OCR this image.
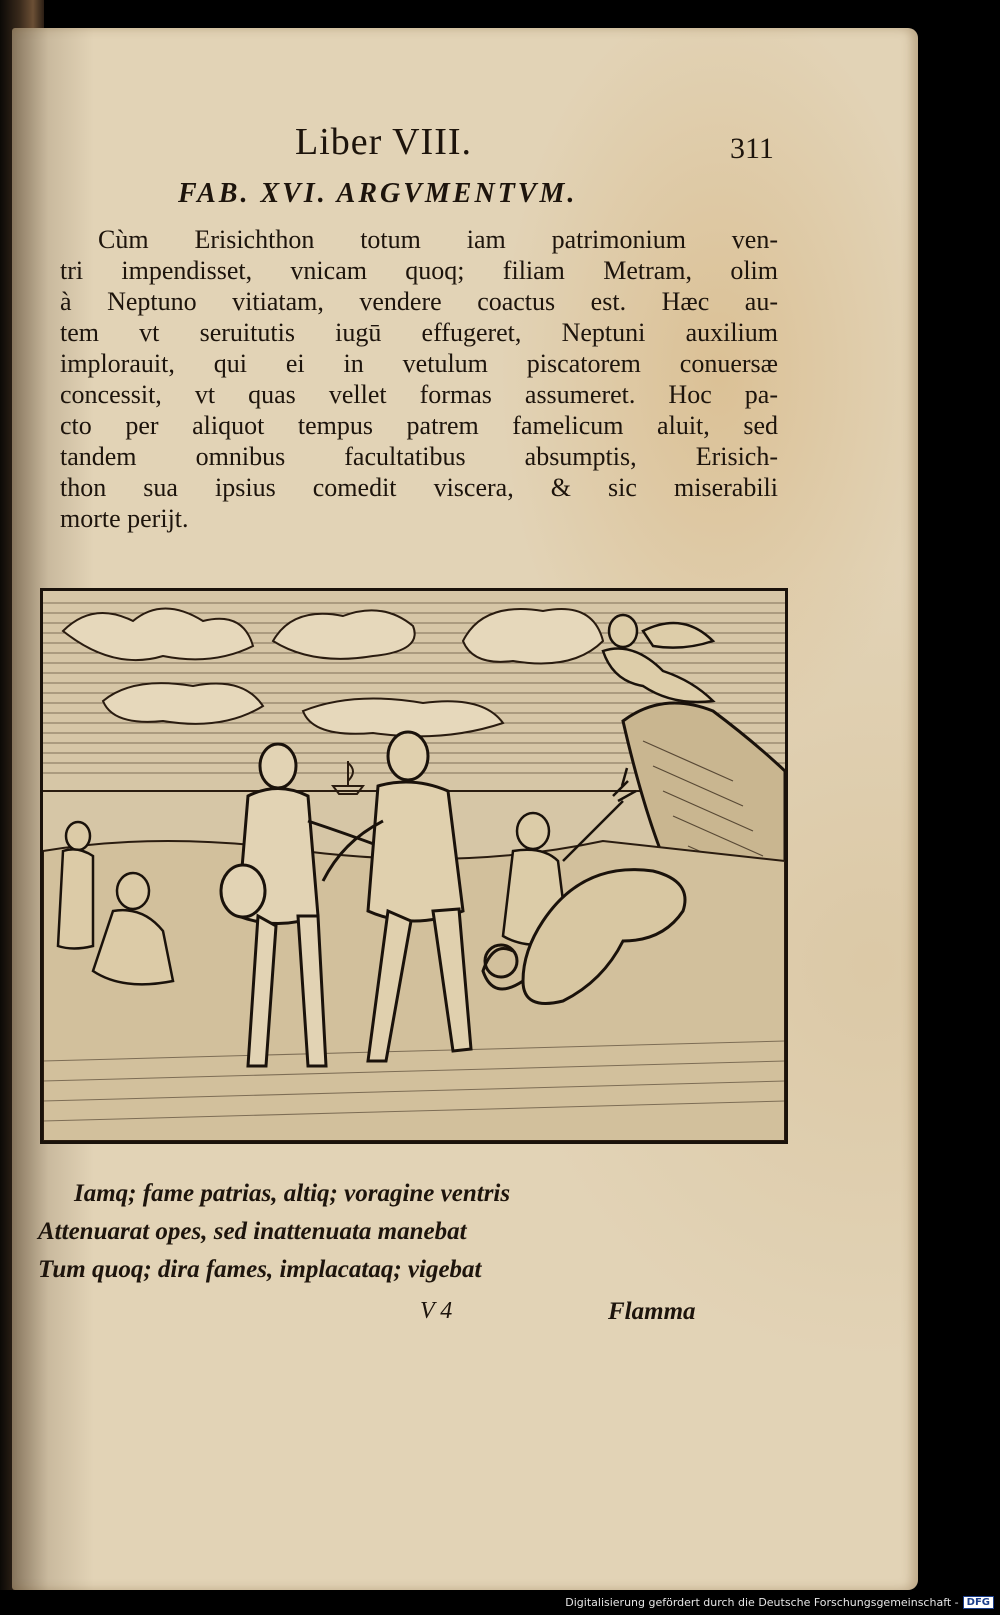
Liber VIII.	311
FAB. XVI. ARGVMENTVM.
Cùm Erisichthon totum iam patrimonium ven-
tri impendisset, vnicam quoq; filiam Metram, olim
à Neptuno vitiatam, vendere coactus est. Hæc au-
tem vt seruitutis iugū effugeret, Neptuni auxilium
implorauit, qui ei in vetulum piscatorem conuersæ
concessit, vt quas vellet formas assumeret. Hoc pa-
cto per aliquot tempus patrem famelicum aluit, sed
tandem omnibus facultatibus absumptis, Erisich-
thon sua ipsius comedit viscera, & sic miserabili
morte perijt.
Iamq; fame patrias, altiq; voragine ventris
Attenuarat opes, sed inattenuata manebat
Tum quoq; dira fames, implacataq; vigebat
V 4	Flamma
Digitalisierung gefördert durch die Deutsche Forschungsgemeinschaft - DFG
